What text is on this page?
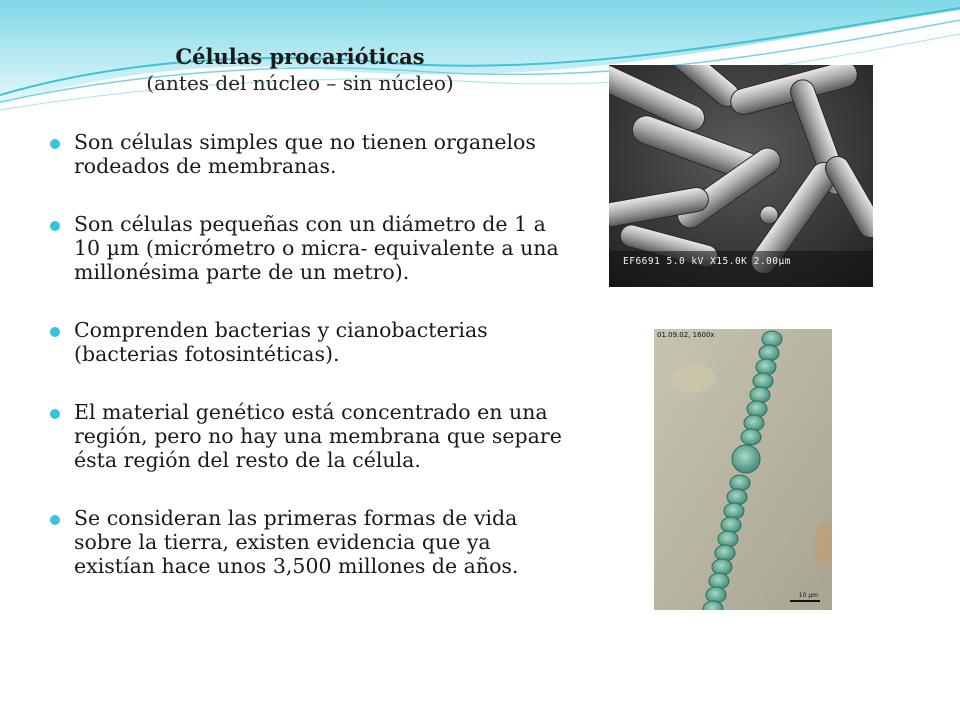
Células procarióticas
(antes del núcleo – sin núcleo)
Son células simples que no tienen organelos rodeados de membranas.
Son células pequeñas con un diámetro de 1 a 10 µm (micrómetro o micra- equivalente a una millonésima parte de un metro).
Comprenden bacterias y cianobacterias (bacterias fotosintéticas).
El material genético está concentrado en una región, pero no hay una membrana que separe ésta región del resto de la célula.
Se consideran las primeras formas de vida sobre la tierra, existen evidencia que ya existían hace unos 3,500 millones de años.
EF6691 5.0 kV X15.0K 2.00µm
01.09.02, 1600x
10 µm
